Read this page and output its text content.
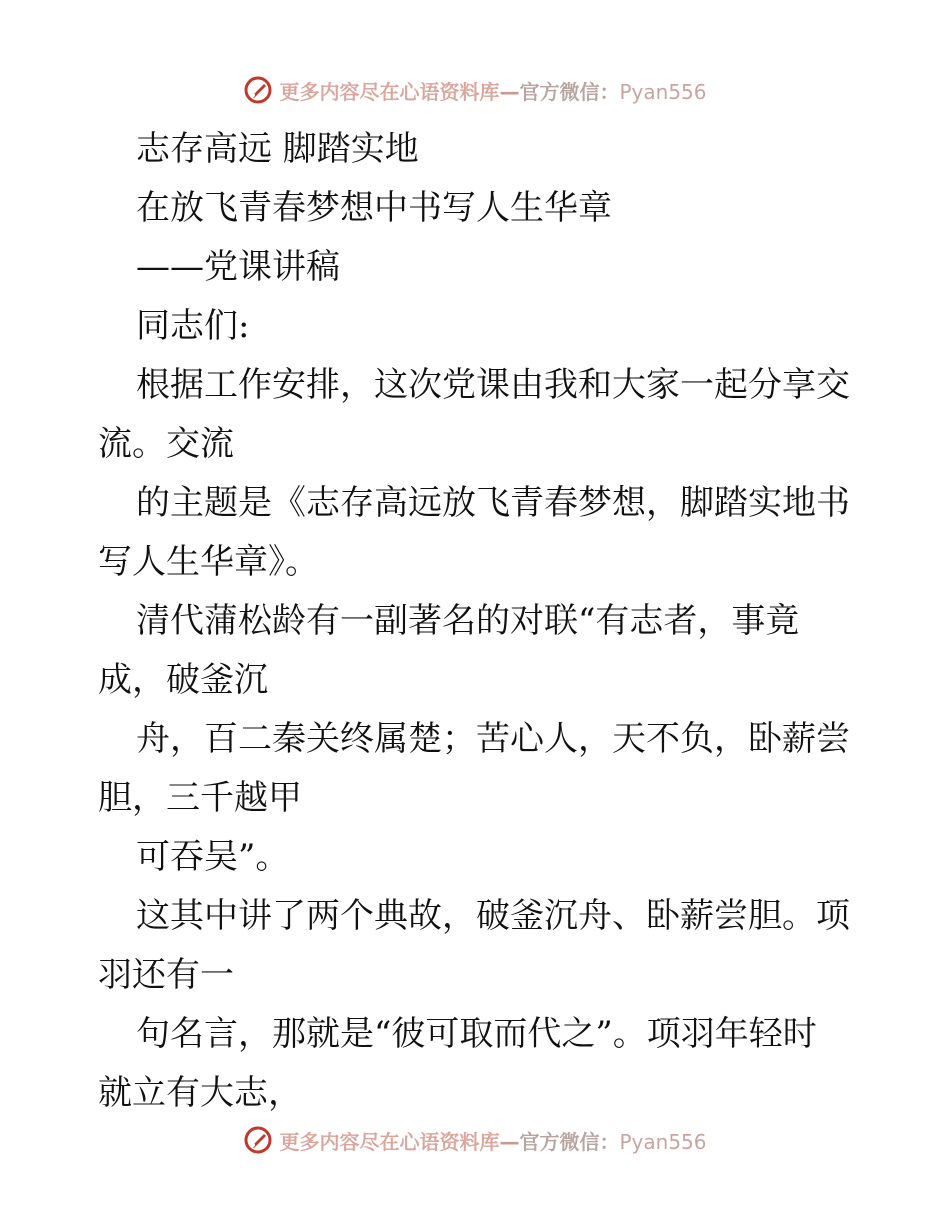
更多内容尽在心语资料库—官方微信：Pyan556
志存高远 脚踏实地
在放飞青春梦想中书写人生华章
——党课讲稿
同志们:
根据工作安排，这次党课由我和大家一起分享交
流。交流
的主题是《志存高远放飞青春梦想，脚踏实地书
写人生华章》。
清代蒲松龄有一副著名的对联“有志者，事竟
成，破釜沉
舟，百二秦关终属楚；苦心人，天不负，卧薪尝
胆，三千越甲
可吞吴”。
这其中讲了两个典故，破釜沉舟、卧薪尝胆。项
羽还有一
句名言，那就是“彼可取而代之”。项羽年轻时
就立有大志，
更多内容尽在心语资料库—官方微信：Pyan556
